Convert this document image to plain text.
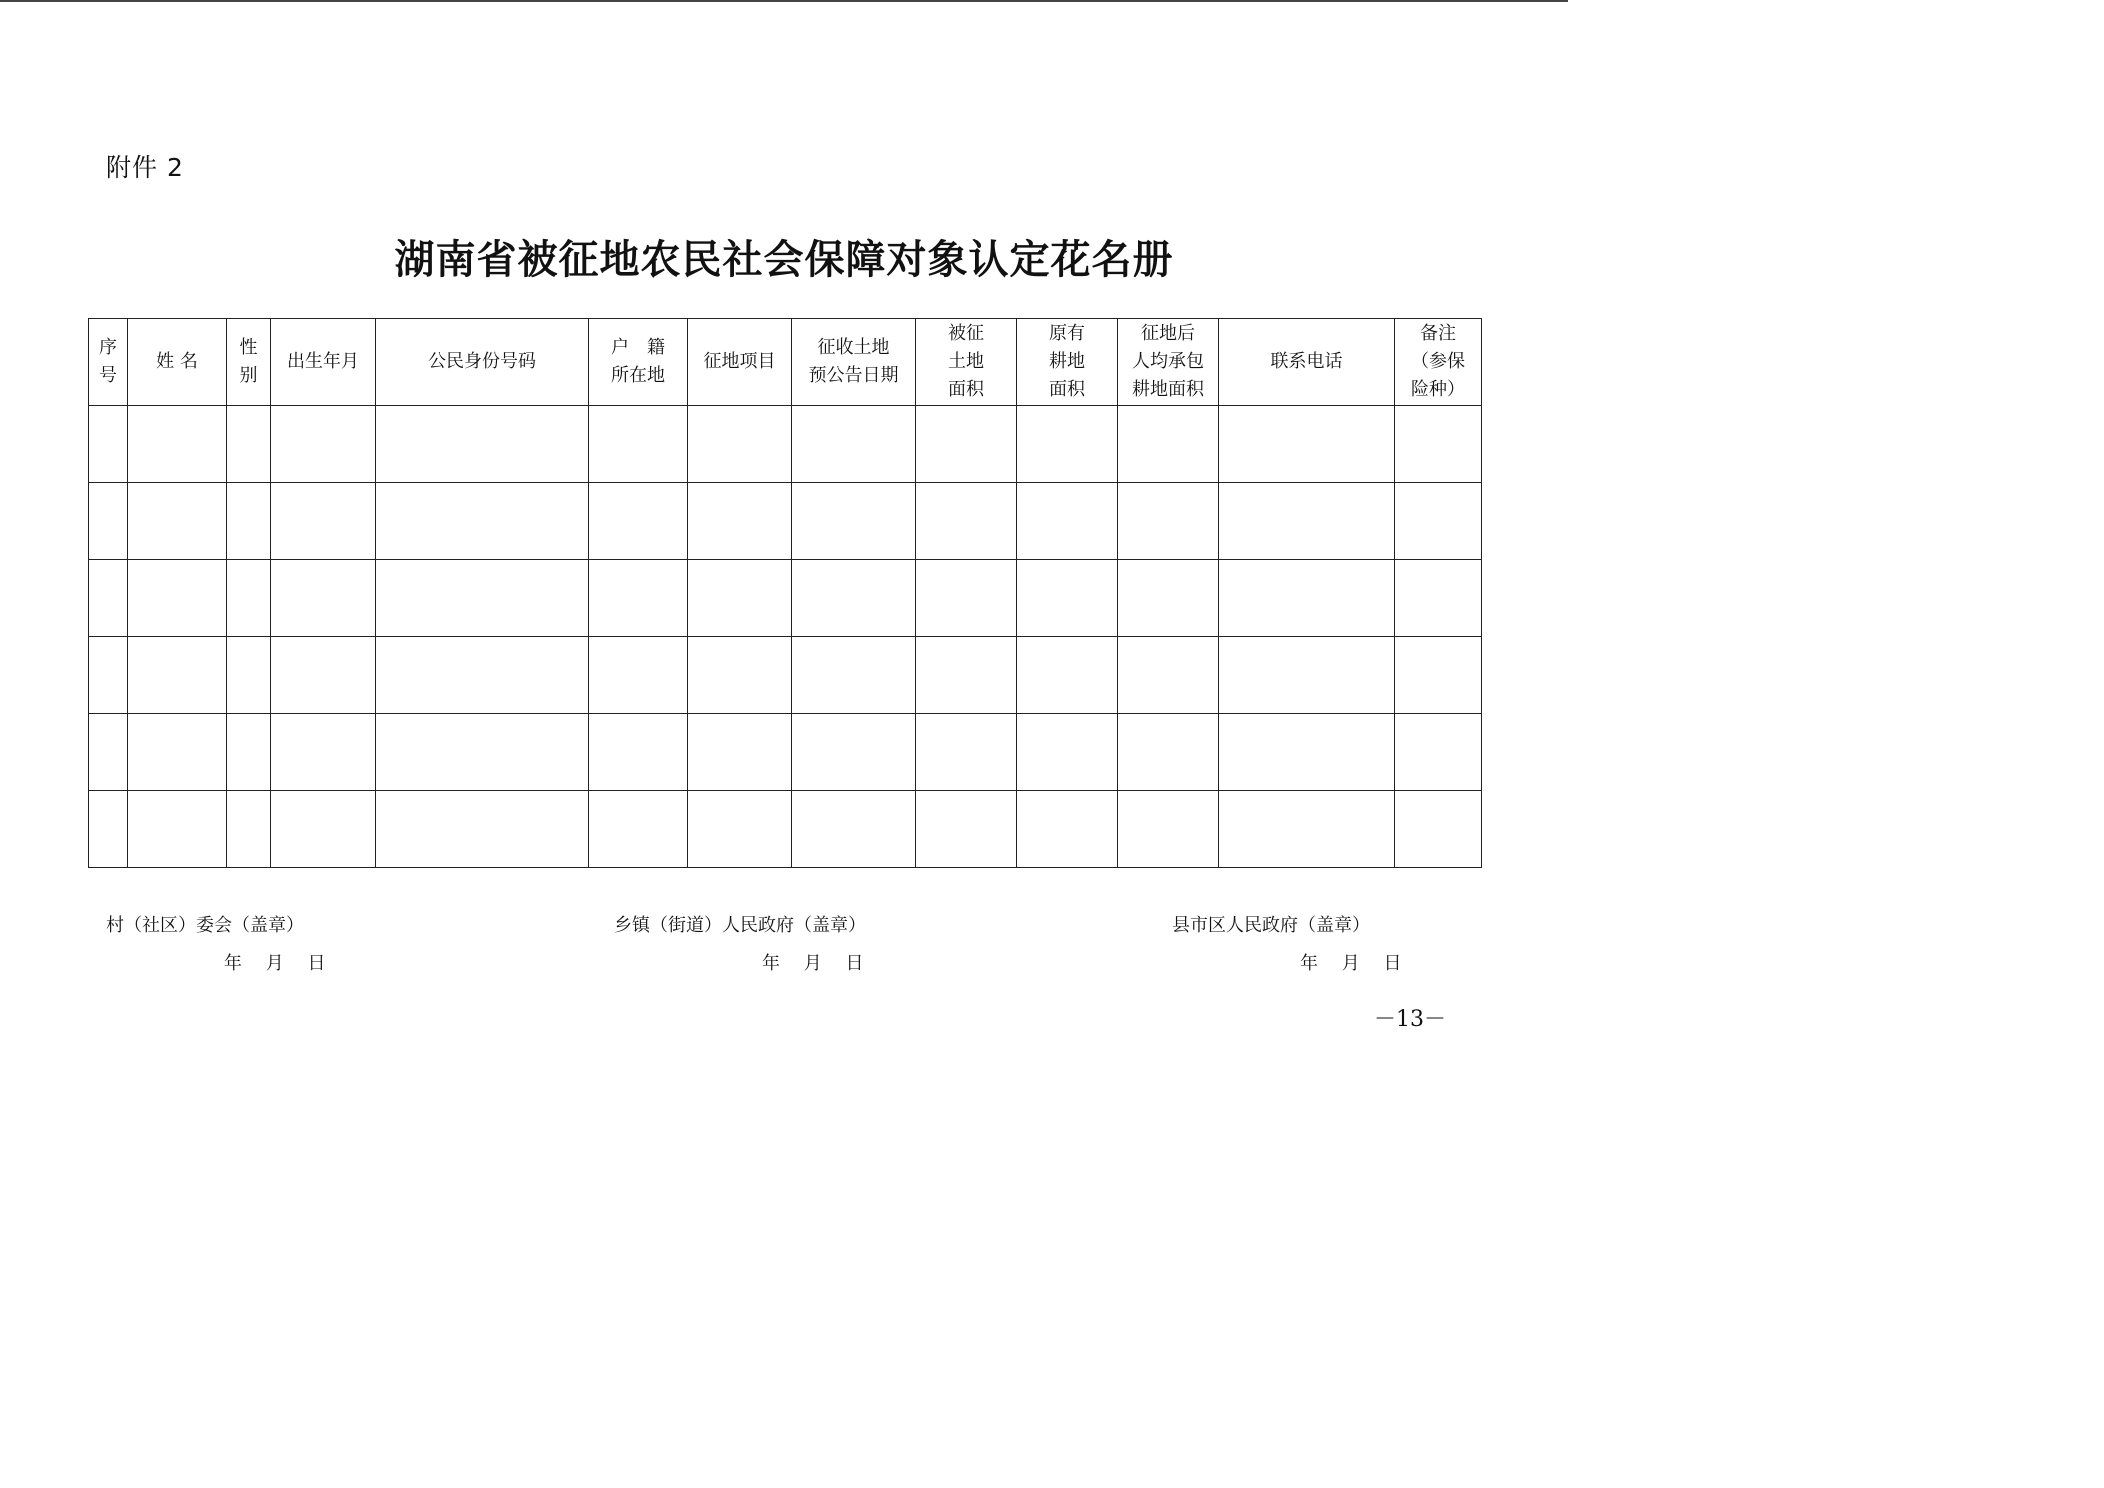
附件 2
湖南省被征地农民社会保障对象认定花名册
序
号	姓 名	性
别	出生年月	公民身份号码	户　籍
所在地	征地项目	征收土地
预公告日期	被征
土地
面积	原有
耕地
面积	征地后
人均承包
耕地面积	联系电话	备注
（参保
险种）

村（社区）委会（盖章）
年　 月　 日
乡镇（街道）人民政府（盖章）
年　 月　 日
县市区人民政府（盖章）
年　 月　 日
－13－
